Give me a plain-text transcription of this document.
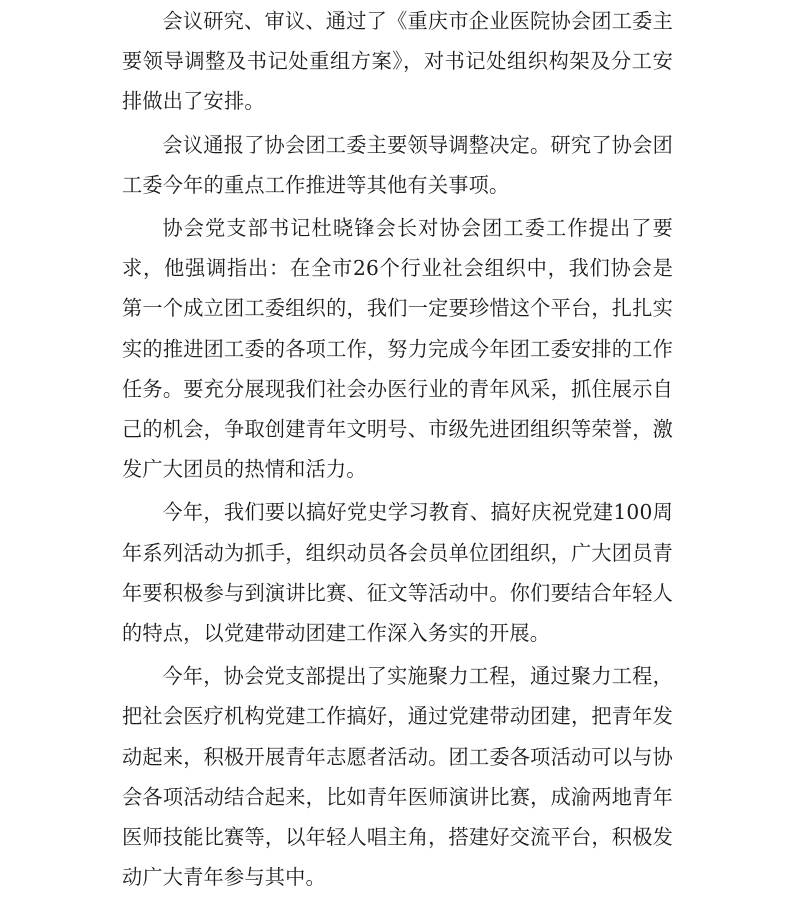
会议研究、审议、通过了《重庆市企业医院协会团工委主要领导调整及书记处重组方案》，对书记处组织构架及分工安排做出了安排。

会议通报了协会团工委主要领导调整决定。研究了协会团工委今年的重点工作推进等其他有关事项。

协会党支部书记杜晓锋会长对协会团工委工作提出了要求，他强调指出：在全市26个行业社会组织中，我们协会是第一个成立团工委组织的，我们一定要珍惜这个平台，扎扎实实的推进团工委的各项工作，努力完成今年团工委安排的工作任务。要充分展现我们社会办医行业的青年风采，抓住展示自己的机会，争取创建青年文明号、市级先进团组织等荣誉，激发广大团员的热情和活力。

今年，我们要以搞好党史学习教育、搞好庆祝党建100周年系列活动为抓手，组织动员各会员单位团组织，广大团员青年要积极参与到演讲比赛、征文等活动中。你们要结合年轻人的特点，以党建带动团建工作深入务实的开展。

今年，协会党支部提出了实施聚力工程，通过聚力工程，把社会医疗机构党建工作搞好，通过党建带动团建，把青年发动起来，积极开展青年志愿者活动。团工委各项活动可以与协会各项活动结合起来，比如青年医师演讲比赛，成渝两地青年医师技能比赛等，以年轻人唱主角，搭建好交流平台，积极发动广大青年参与其中。
